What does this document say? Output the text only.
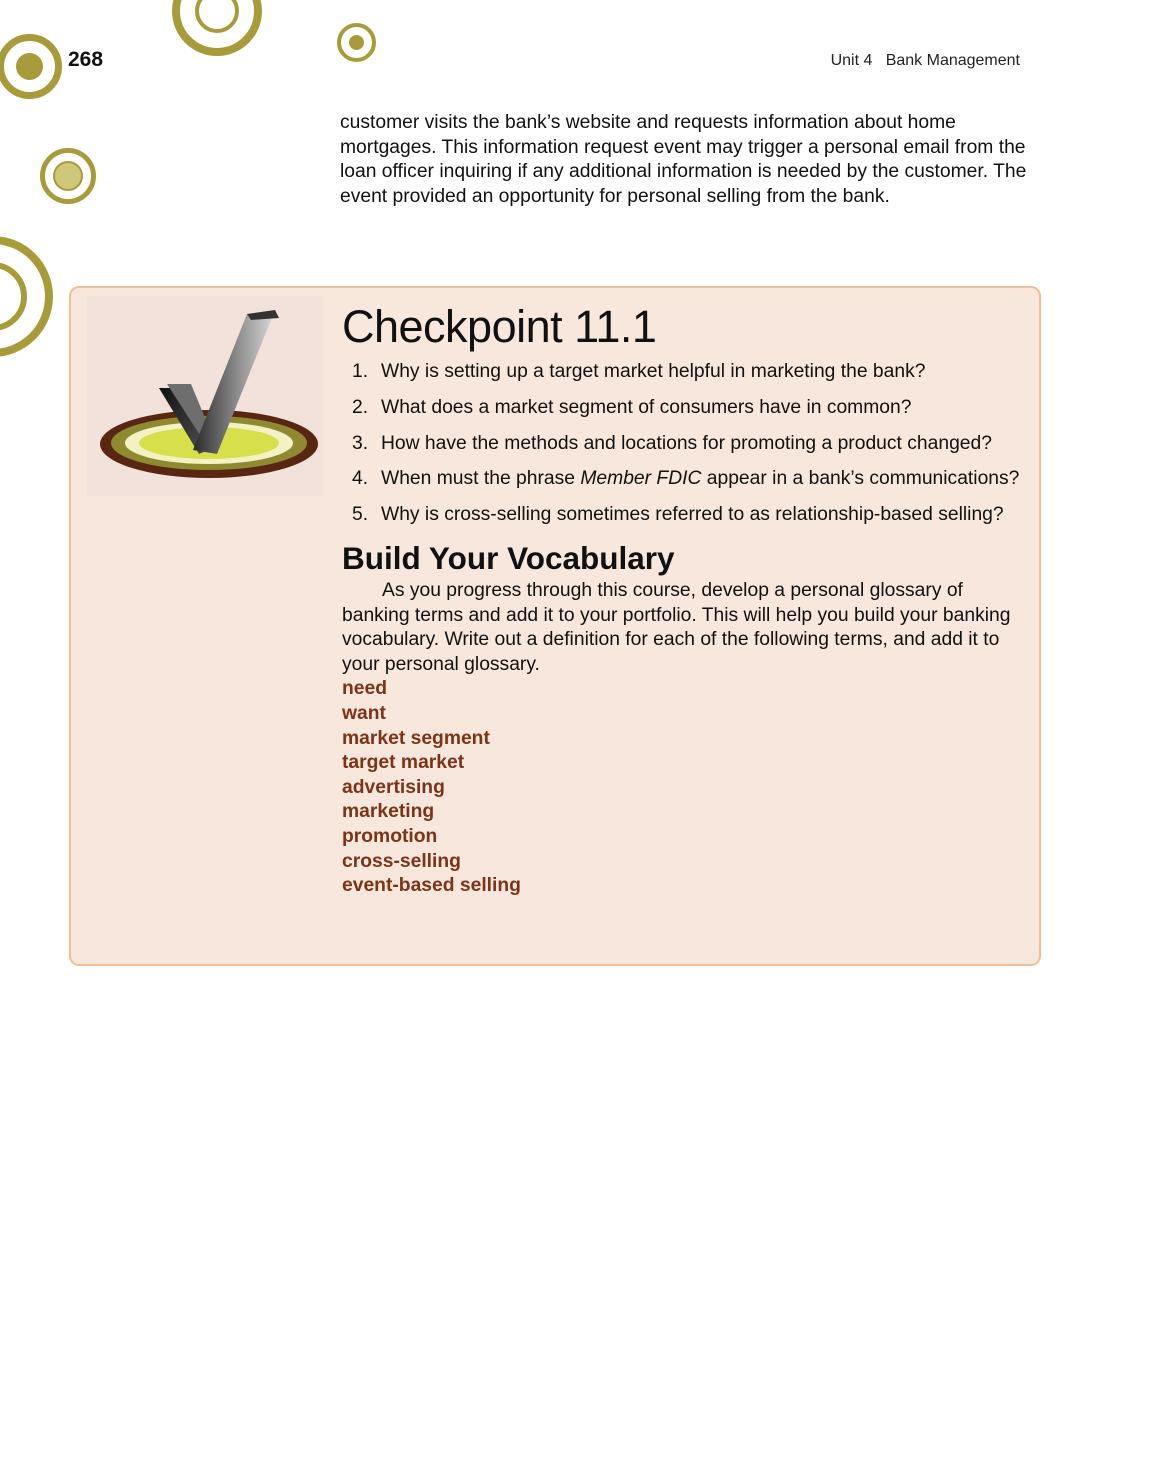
268	Unit 4   Bank Management

customer visits the bank’s website and requests information about home mortgages. This information request event may trigger a personal email from the loan officer inquiring if any additional information is needed by the customer. The event provided an opportunity for personal selling from the bank.

Checkpoint 11.1
1. Why is setting up a target market helpful in marketing the bank?
2. What does a market segment of consumers have in common?
3. How have the methods and locations for promoting a product changed?
4. When must the phrase Member FDIC appear in a bank’s communications?
5. Why is cross-selling sometimes referred to as relationship-based selling?
Build Your Vocabulary

As you progress through this course, develop a personal glossary of banking terms and add it to your portfolio. This will help you build your banking vocabulary. Write out a definition for each of the following terms, and add it to your personal glossary.

need
want
market segment
target market
advertising
marketing
promotion
cross-selling
event-based selling
